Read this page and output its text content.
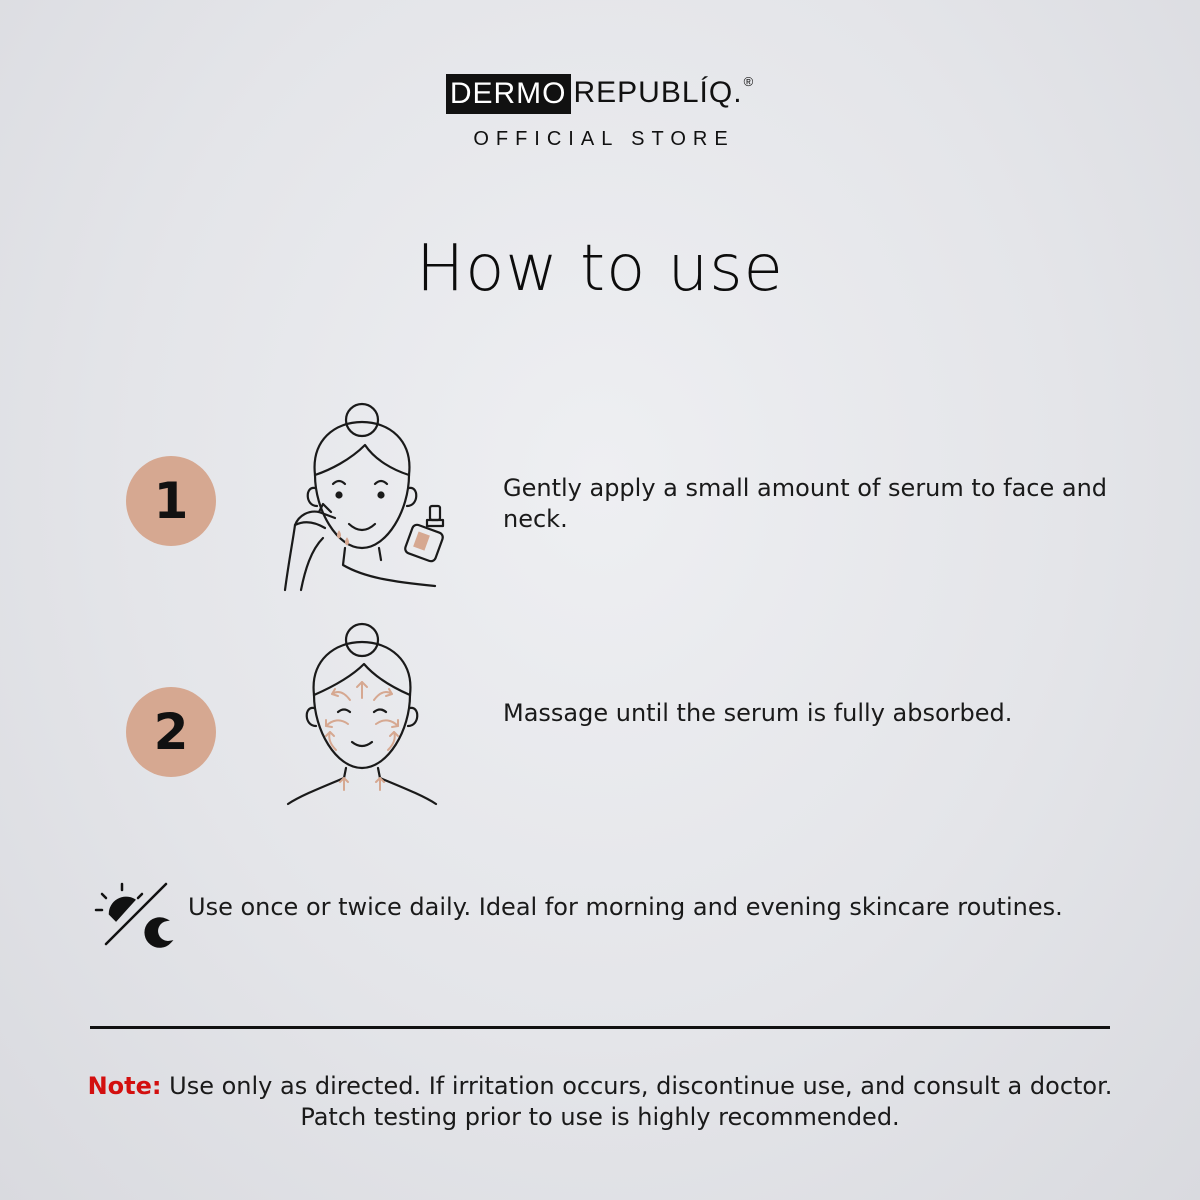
DERMO REPUBLÍQ. ®
OFFICIAL STORE
How to use
1	Gently apply a small amount of serum to face and neck.
2	Massage until the serum is fully absorbed.
Use once or twice daily. Ideal for morning and evening skincare routines.
Note: Use only as directed. If irritation occurs, discontinue use, and consult a doctor.
Patch testing prior to use is highly recommended.
